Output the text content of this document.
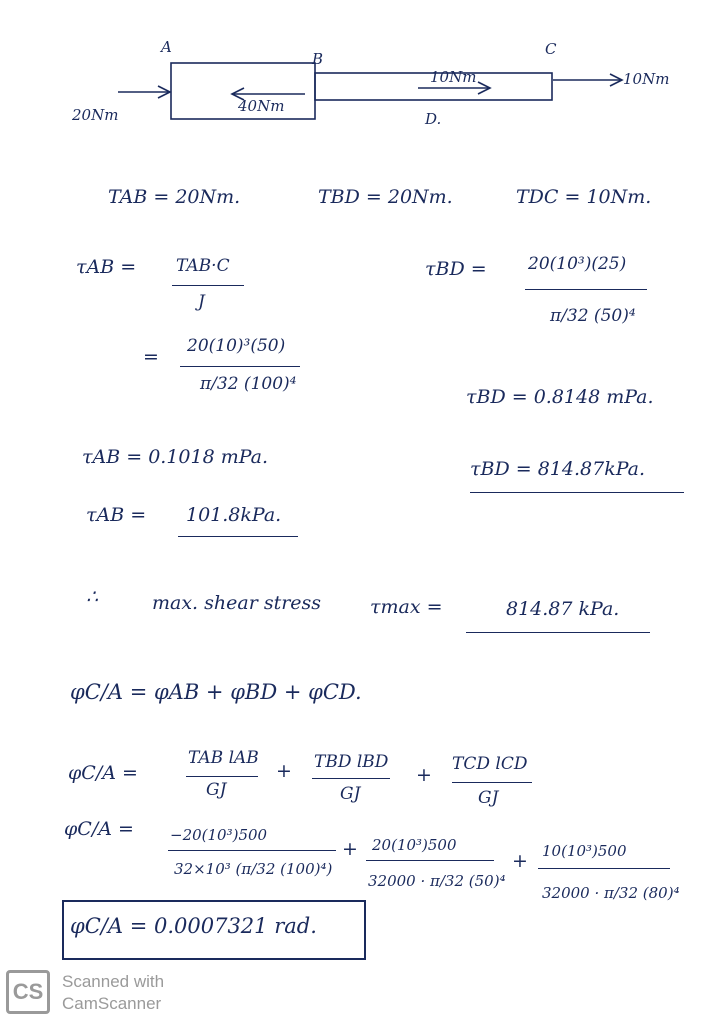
A
B
C
D.
20Nm	40Nm
10Nm	10Nm
TAB = 20Nm.	TBD = 20Nm.	TDC = 10Nm.
τAB = TAB·C
J
= 20(10)³(50)
π/32 (100)⁴
τAB = 0.1018 mPa.
τAB = 101.8kPa.
τBD = 20(10³)(25)
π/32 (50)⁴
τBD = 0.8148 mPa.
τBD = 814.87kPa.
∴	max. shear stress	τmax =	814.87 kPa.
φC/A = φAB + φBD + φCD.
φC/A =
TAB lAB
GJ
+ TBD lBD
GJ
+ TCD lCD
GJ
φC/A = −20(10³)500
32×10³ (π/32 (100)⁴)
+ 20(10³)500
32000 · π/32 (50)⁴
+ 10(10³)500
32000 · π/32 (80)⁴
φC/A = 0.0007321 rad.
CS Scanned with
CamScanner
